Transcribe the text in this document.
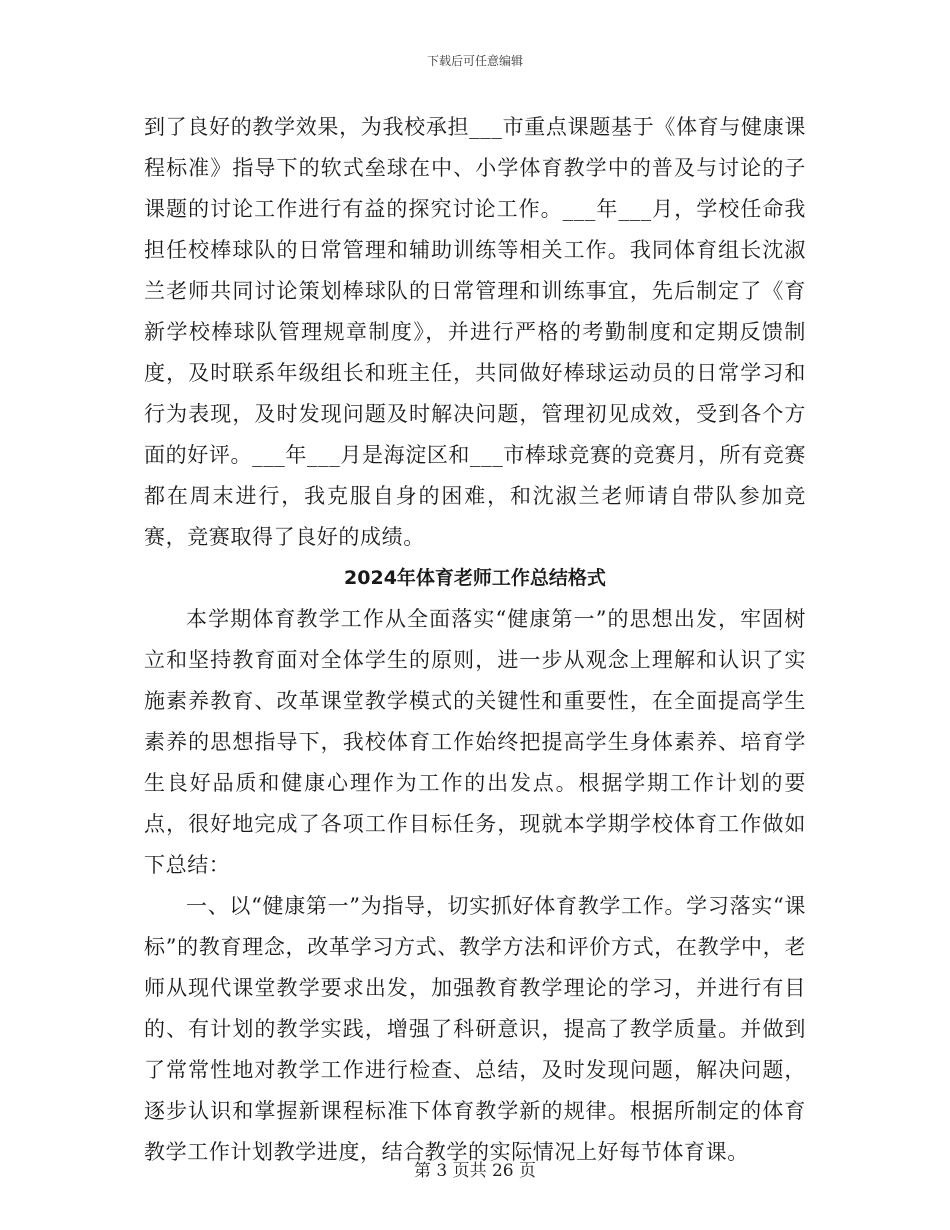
下载后可任意编辑

到了良好的教学效果，为我校承担___市重点课题基于《体育与健康课程标准》指导下的软式垒球在中、小学体育教学中的普及与讨论的子课题的讨论工作进行有益的探究讨论工作。___年___月，学校任命我担任校棒球队的日常管理和辅助训练等相关工作。我同体育组长沈淑兰老师共同讨论策划棒球队的日常管理和训练事宜，先后制定了《育新学校棒球队管理规章制度》，并进行严格的考勤制度和定期反馈制度，及时联系年级组长和班主任，共同做好棒球运动员的日常学习和行为表现，及时发现问题及时解决问题，管理初见成效，受到各个方面的好评。___年___月是海淀区和___市棒球竞赛的竞赛月，所有竞赛都在周末进行，我克服自身的困难，和沈淑兰老师请自带队参加竞赛，竞赛取得了良好的成绩。

2024年体育老师工作总结格式

本学期体育教学工作从全面落实“健康第一”的思想出发，牢固树立和坚持教育面对全体学生的原则，进一步从观念上理解和认识了实施素养教育、改革课堂教学模式的关键性和重要性，在全面提高学生素养的思想指导下，我校体育工作始终把提高学生身体素养、培育学生良好品质和健康心理作为工作的出发点。根据学期工作计划的要点，很好地完成了各项工作目标任务，现就本学期学校体育工作做如下总结：

一、以“健康第一”为指导，切实抓好体育教学工作。学习落实“课标”的教育理念，改革学习方式、教学方法和评价方式，在教学中，老师从现代课堂教学要求出发，加强教育教学理论的学习，并进行有目的、有计划的教学实践，增强了科研意识，提高了教学质量。并做到了常常性地对教学工作进行检查、总结，及时发现问题，解决问题，逐步认识和掌握新课程标准下体育教学新的规律。根据所制定的体育教学工作计划教学进度，结合教学的实际情况上好每节体育课。

第 3 页共 26 页
